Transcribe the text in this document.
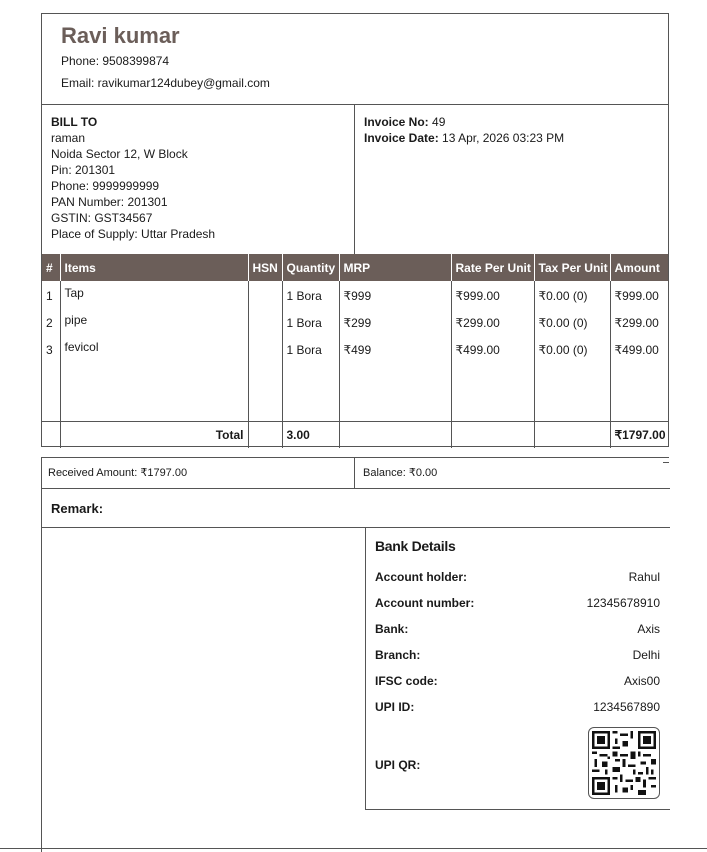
Ravi kumar
Phone: 9508399874
Email: ravikumar124dubey@gmail.com
BILL TO
raman
Noida Sector 12, W Block
Pin: 201301
Phone: 9999999999
PAN Number: 201301
GSTIN: GST34567
Place of Supply: Uttar Pradesh
Invoice No: 49
Invoice Date: 13 Apr, 2026 03:23 PM
#	Items	HSN	Quantity	MRP	Rate Per Unit	Tax Per Unit	Amount
1	Tap		1 Bora	₹999	₹999.00	₹0.00 (0)	₹999.00
2	pipe		1 Bora	₹299	₹299.00	₹0.00 (0)	₹299.00
3	fevicol		1 Bora	₹499	₹499.00	₹0.00 (0)	₹499.00

	Total		3.00				₹1797.00
Received Amount: ₹1797.00	Balance: ₹0.00
Remark:
Bank Details
Account holder:	Rahul
Account number:	12345678910
Bank:	Axis
Branch:	Delhi
IFSC code:	Axis00
UPI ID:	1234567890
UPI QR:
